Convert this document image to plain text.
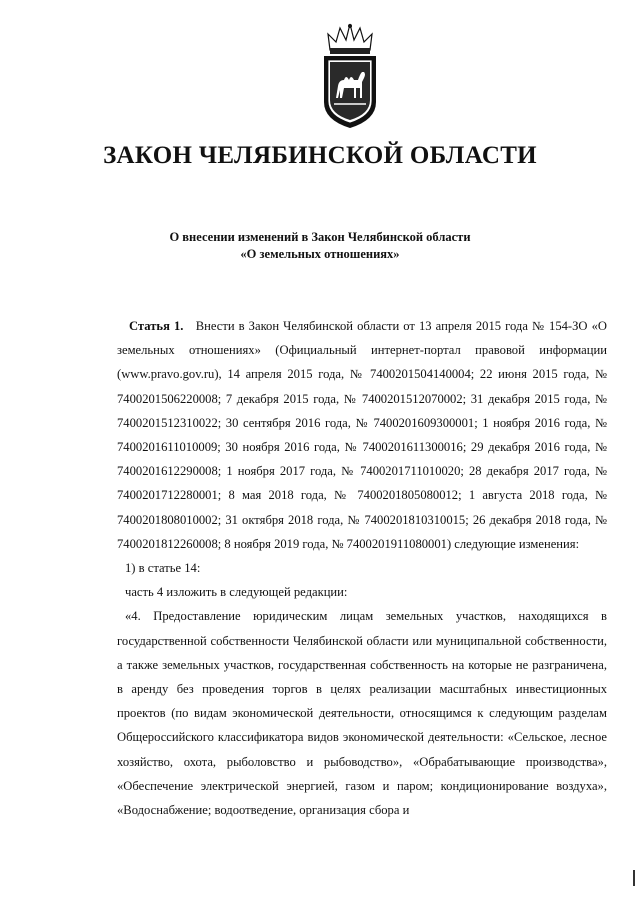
ЗАКОН ЧЕЛЯБИНСКОЙ ОБЛАСТИ
О внесении изменений в Закон Челябинской области
«О земельных отношениях»

Статья 1. Внести в Закон Челябинской области от 13 апреля 2015 года № 154-ЗО «О земельных отношениях» (Официальный интернет-портал правовой информации (www.pravo.gov.ru), 14 апреля 2015 года, № 7400201504140004; 22 июня 2015 года, № 7400201506220008; 7 декабря 2015 года, № 7400201512070002; 31 декабря 2015 года, № 7400201512310022; 30 сентября 2016 года, № 7400201609300001; 1 ноября 2016 года, № 7400201611010009; 30 ноября 2016 года, № 7400201611300016; 29 декабря 2016 года, № 7400201612290008; 1 ноября 2017 года, № 7400201711010020; 28 декабря 2017 года, № 7400201712280001; 8 мая 2018 года, № 7400201805080012; 1 августа 2018 года, № 7400201808010002; 31 октября 2018 года, № 7400201810310015; 26 декабря 2018 года, № 7400201812260008; 8 ноября 2019 года, № 7400201911080001) следующие изменения:

1) в статье 14:

часть 4 изложить в следующей редакции:

«4. Предоставление юридическим лицам земельных участков, находящихся в государственной собственности Челябинской области или муниципальной собственности, а также земельных участков, государственная собственность на которые не разграничена, в аренду без проведения торгов в целях реализации масштабных инвестиционных проектов (по видам экономической деятельности, относящимся к следующим разделам Общероссийского классификатора видов экономической деятельности: «Сельское, лесное хозяйство, охота, рыболовство и рыбоводство», «Обрабатывающие производства», «Обеспечение электрической энергией, газом и паром; кондиционирование воздуха», «Водоснабжение; водоотведение, организация сбора и
